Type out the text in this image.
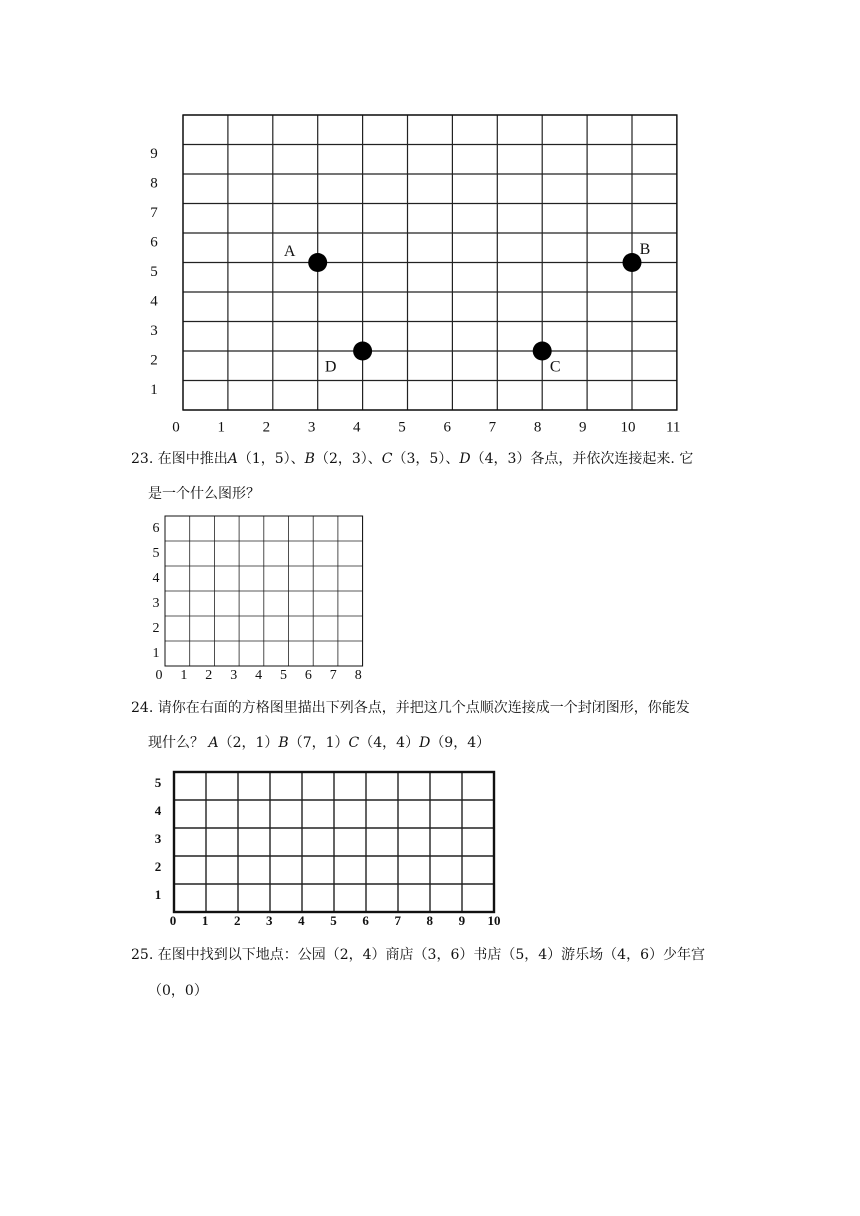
1
2
3
4
5
6
7
8
9
0	1	2	3	4	5	6	7	8	9 10 11
A	B
C
D
23. 在图中推出A（1，5）、B（2，3）、C（3，5）、D（4，3）各点，并依次连接起来. 它
是一个什么图形？
1
2
3
4
5
6
0 1 2 3 4 5 6 7 8
24. 请你在右面的方格图里描出下列各点，并把这几个点顺次连接成一个封闭图形，你能发
现什么？ A（2，1）B（7，1）C（4，4）D（9，4）
1
2
3
4
5
0 1 2 3 4 5 6 7 8 9 10
25. 在图中找到以下地点：公园（2，4）商店（3，6）书店（5，4）游乐场（4，6）少年宫
（0，0）
